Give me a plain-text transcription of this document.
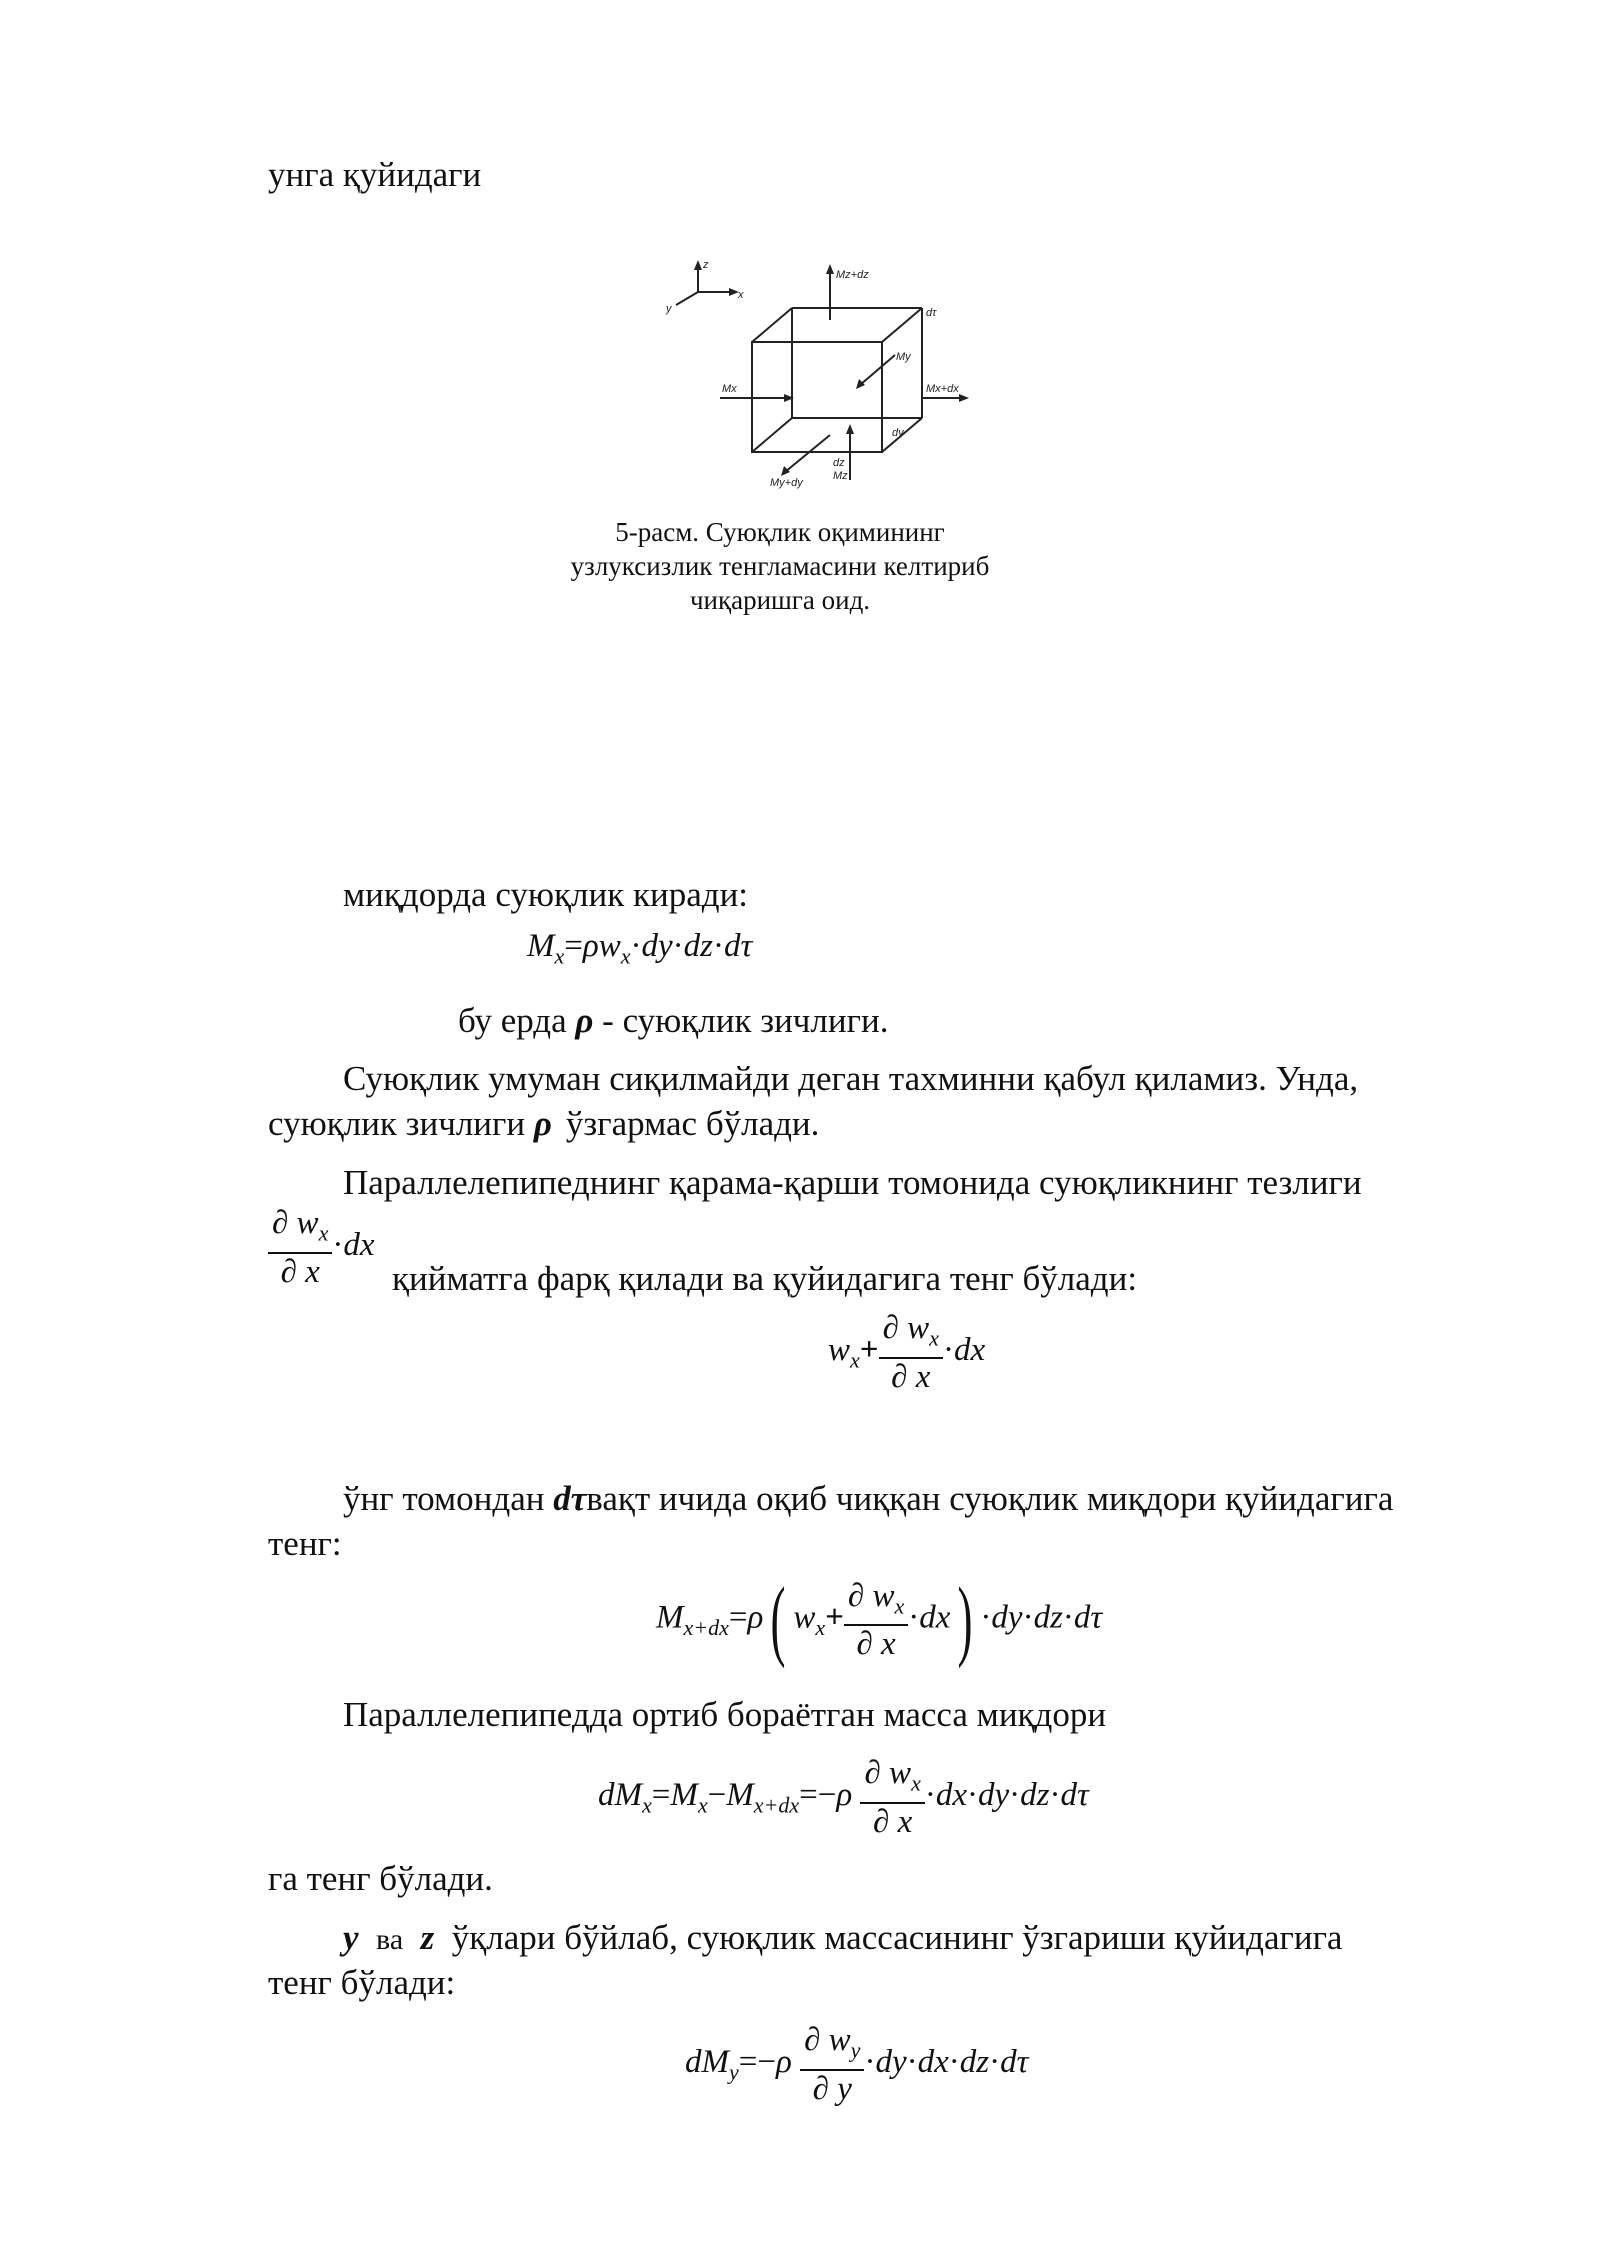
унга қуйидаги
z
x
y
Mz+dz
dτ
My
Mx	Mx+dx
dy
dz
Mz
My+dy
5-расм. Суюқлик оқимининг
узлуксизлик тенгламасини келтириб
чиқаришга оид.
миқдорда суюқлик киради:
$M_x=\rho w_x\cdot dy\cdot dz\cdot d\tau$
бу ерда ρ - суюқлик зичлиги.
Суюқлик умуман сиқилмайди деган тахминни қабул қиламиз. Унда,
суюқлик зичлиги ρ ўзгармас бўлади.
Параллелепипеднинг қарама-қарши томонида суюқликнинг тезлиги
$\frac{\partial w_x}{\partial x} \cdot dx$
қийматга фарқ қилади ва қуйидагига тенг бўлади:
$w_x+ \frac{\partial w_x}{\partial x} \cdot dx$
ўнг томондан dτвақт ичида оқиб чиққан суюқлик миқдори қуйидагига
тенг:
$M_{x+dx}=\rho$( $w_x+ \frac{\partial w_x}{\partial x} \cdot dx) \cdot dy\cdot dz\cdot d\tau$
Параллелепипедда ортиб бораётган масса миқдори
$dM_x=M_x-M_{x+dx}=-\rho \frac{\partial w_x}{\partial x} \cdot dx\cdot dy\cdot dz\cdot d\tau$
га тенг бўлади.
y ва z ўқлари бўйлаб, суюқлик массасининг ўзгариши қуйидагига
тенг бўлади:
$dM_y=-\rho \frac{\partial w_y}{\partial y} \cdot dy\cdot dx\cdot dz\cdot d\tau$
